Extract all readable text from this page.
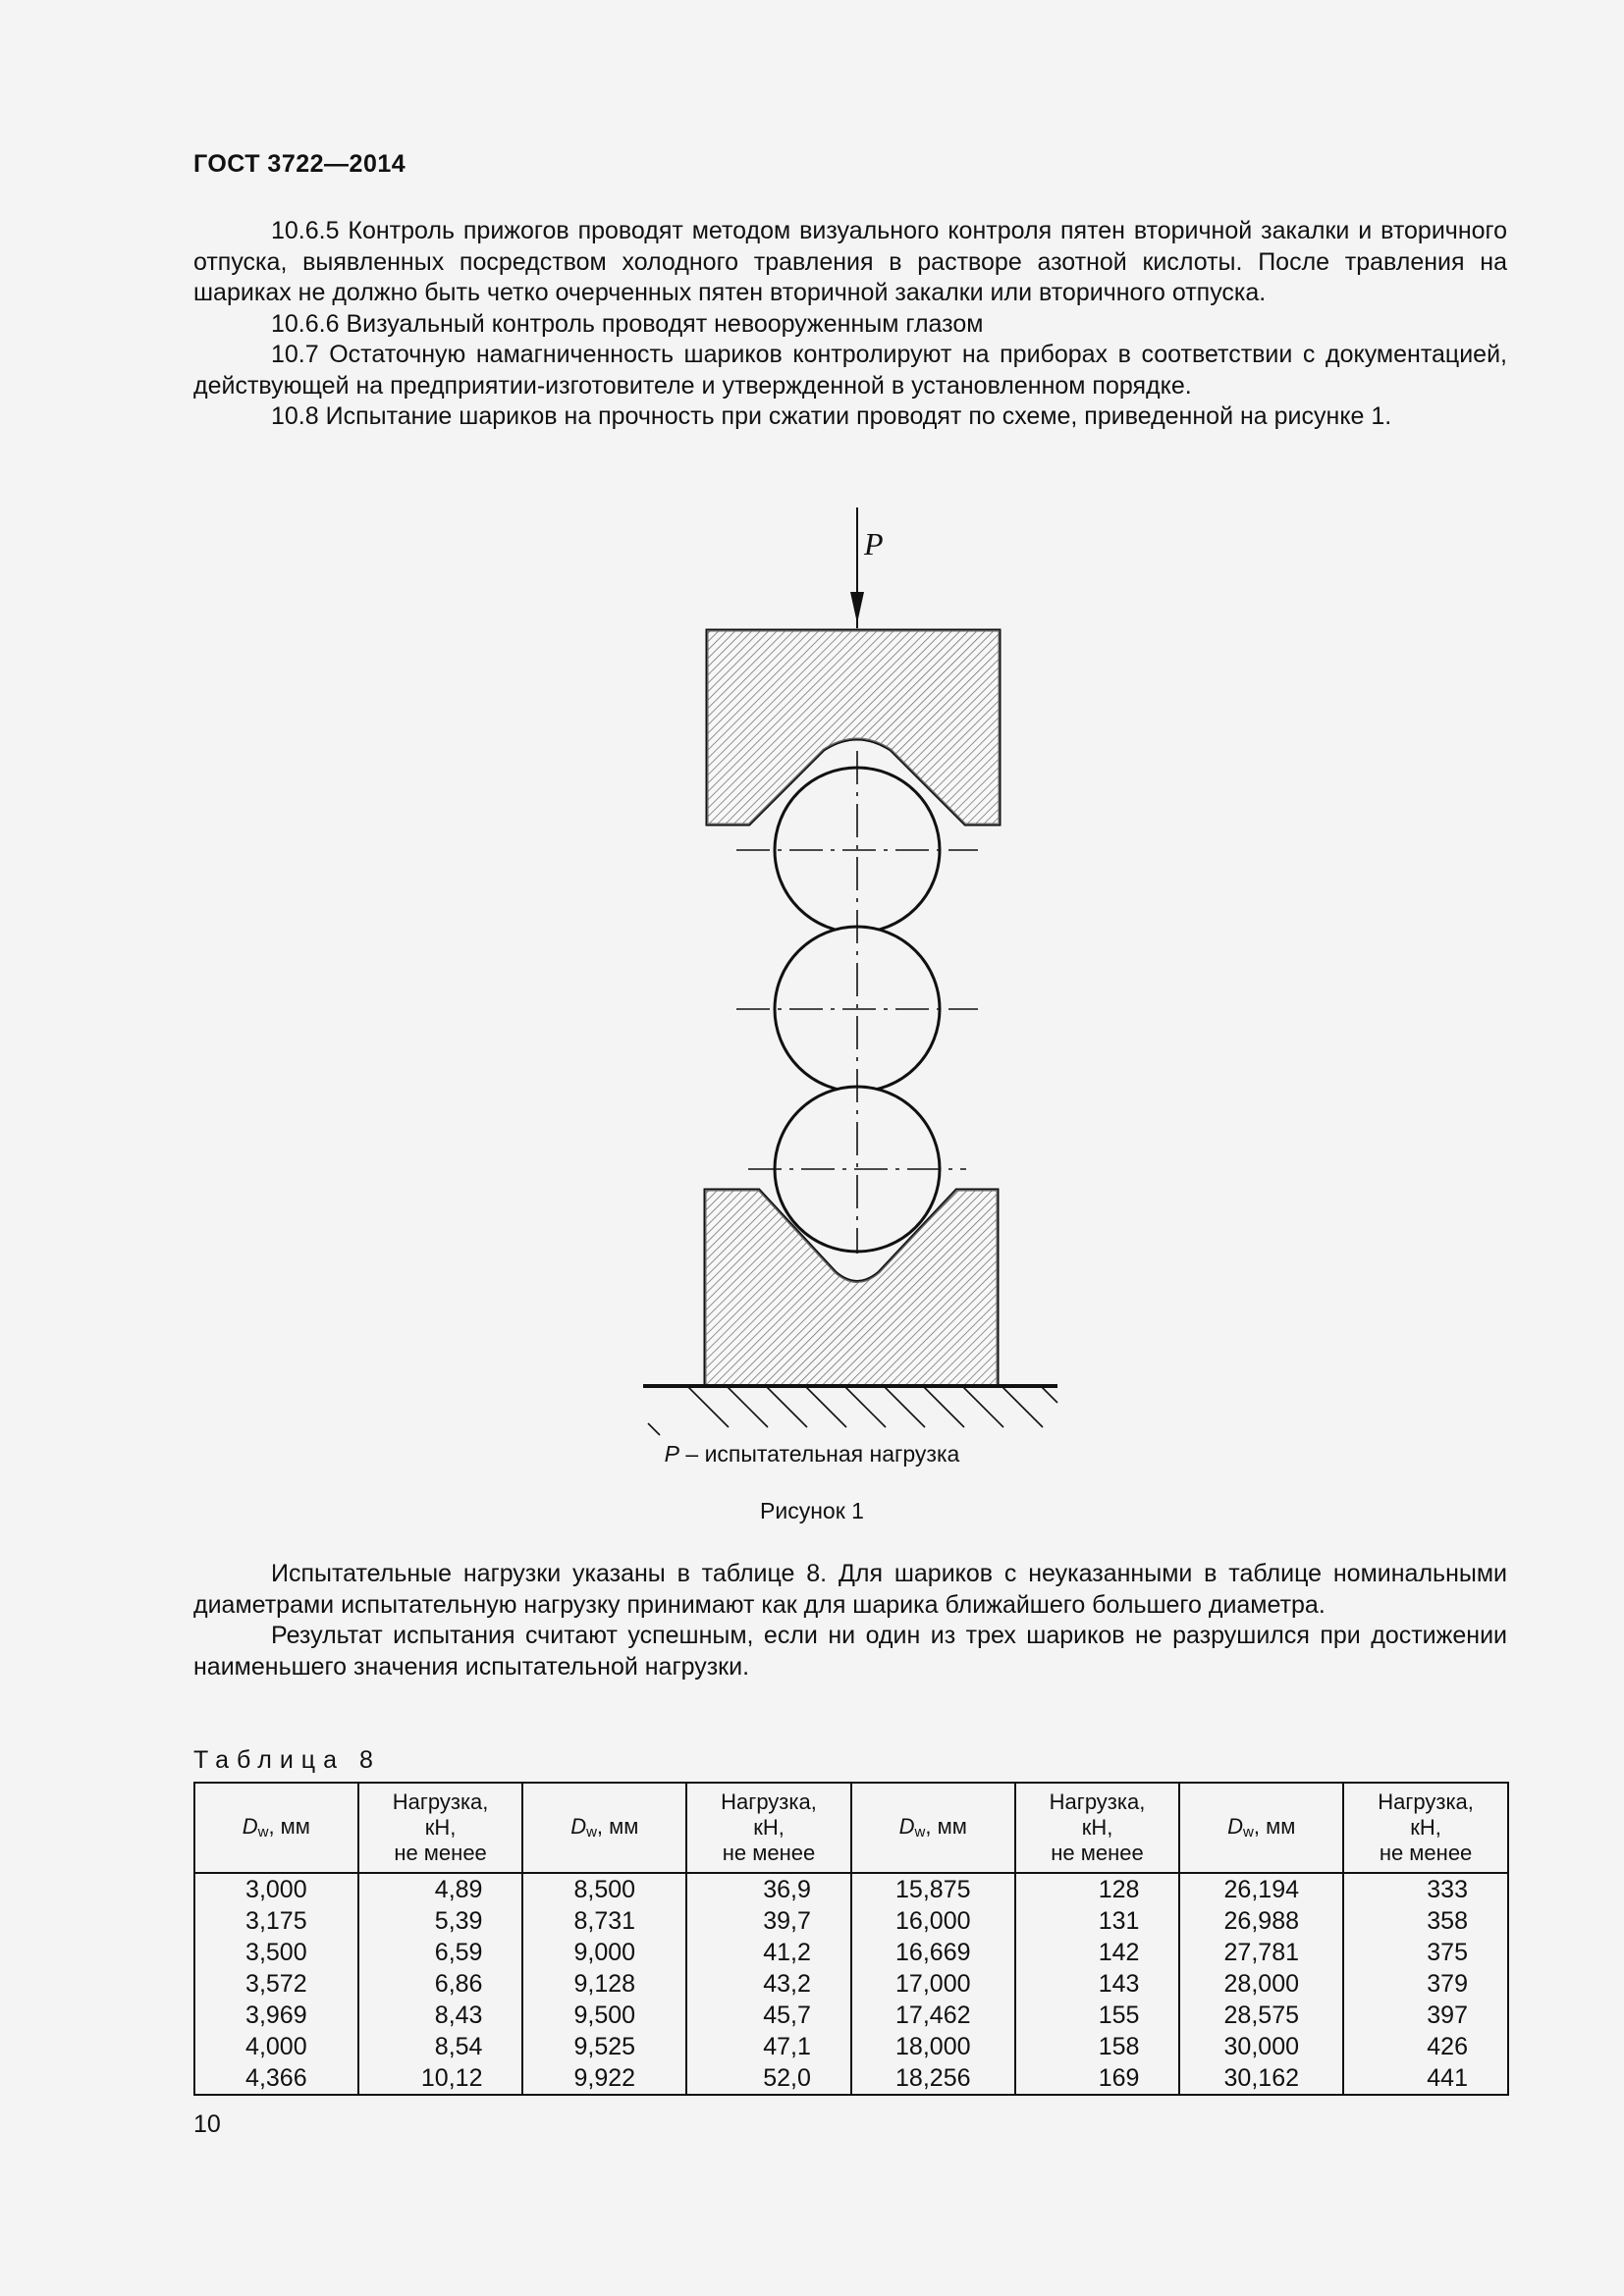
ГОСТ 3722—2014

10.6.5 Контроль прижогов проводят методом визуального контроля пятен вторичной закалки и вторичного отпуска, выявленных посредством холодного травления в растворе азотной кислоты. После травления на шариках не должно быть четко очерченных пятен вторичной закалки или вторичного отпуска.

10.6.6 Визуальный контроль проводят невооруженным глазом

10.7 Остаточную намагниченность шариков контролируют на приборах в соответствии с документацией, действующей на предприятии-изготовителе и утвержденной в установленном порядке.

10.8 Испытание шариков на прочность при сжатии проводят по схеме, приведенной на рисунке 1.

P
P – испытательная нагрузка
Рисунок 1

Испытательные нагрузки указаны в таблице 8. Для шариков с неуказанными в таблице номинальными диаметрами испытательную нагрузку принимают как для шарика ближайшего большего диаметра.

Результат испытания считают успешным, если ни один из трех шариков не разрушился при достижении наименьшего значения испытательной нагрузки.

Таблица 8
$D_w$, мм	Нагрузка,
кН,
не менее	$D_w$, мм	Нагрузка,
кН,
не менее	$D_w$, мм	Нагрузка,
кН,
не менее	$D_w$, мм	Нагрузка,
кН,
не менее
3,000	4,89	8,500	36,9	15,875	128	26,194	333
3,175	5,39	8,731	39,7	16,000	131	26,988	358
3,500	6,59	9,000	41,2	16,669	142	27,781	375
3,572	6,86	9,128	43,2	17,000	143	28,000	379
3,969	8,43	9,500	45,7	17,462	155	28,575	397
4,000	8,54	9,525	47,1	18,000	158	30,000	426
4,366	10,12	9,922	52,0	18,256	169	30,162	441
10
